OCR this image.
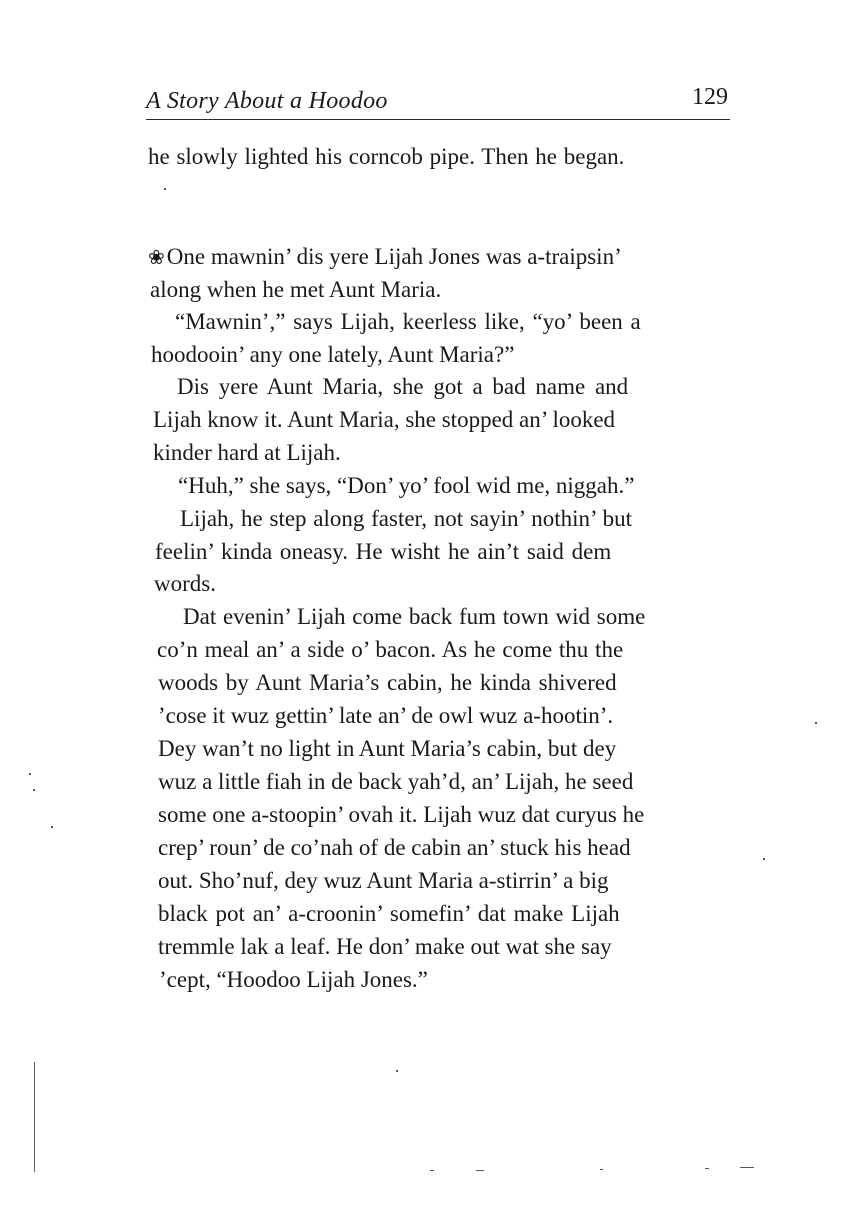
A Story About a Hoodoo	129
he slowly lighted his corncob pipe. Then he began.
❀One mawnin’ dis yere Lijah Jones was a-traipsin’
along when he met Aunt Maria.
“Mawnin’,” says Lijah, keerless like, “yo’ been a
hoodooin’ any one lately, Aunt Maria?”
Dis yere Aunt Maria, she got a bad name and
Lijah know it. Aunt Maria, she stopped an’ looked
kinder hard at Lijah.
“Huh,” she says, “Don’ yo’ fool wid me, niggah.”
Lijah, he step along faster, not sayin’ nothin’ but
feelin’ kinda oneasy. He wisht he ain’t said dem
words.
Dat evenin’ Lijah come back fum town wid some
co’n meal an’ a side o’ bacon. As he come thu the
woods by Aunt Maria’s cabin, he kinda shivered
’cose it wuz gettin’ late an’ de owl wuz a-hootin’.
Dey wan’t no light in Aunt Maria’s cabin, but dey
wuz a little fiah in de back yah’d, an’ Lijah, he seed
some one a-stoopin’ ovah it. Lijah wuz dat curyus he
crep’ roun’ de co’nah of de cabin an’ stuck his head
out. Sho’nuf, dey wuz Aunt Maria a-stirrin’ a big
black pot an’ a-croonin’ somefin’ dat make Lijah
tremmle lak a leaf. He don’ make out wat she say
’cept, “Hoodoo Lijah Jones.”
